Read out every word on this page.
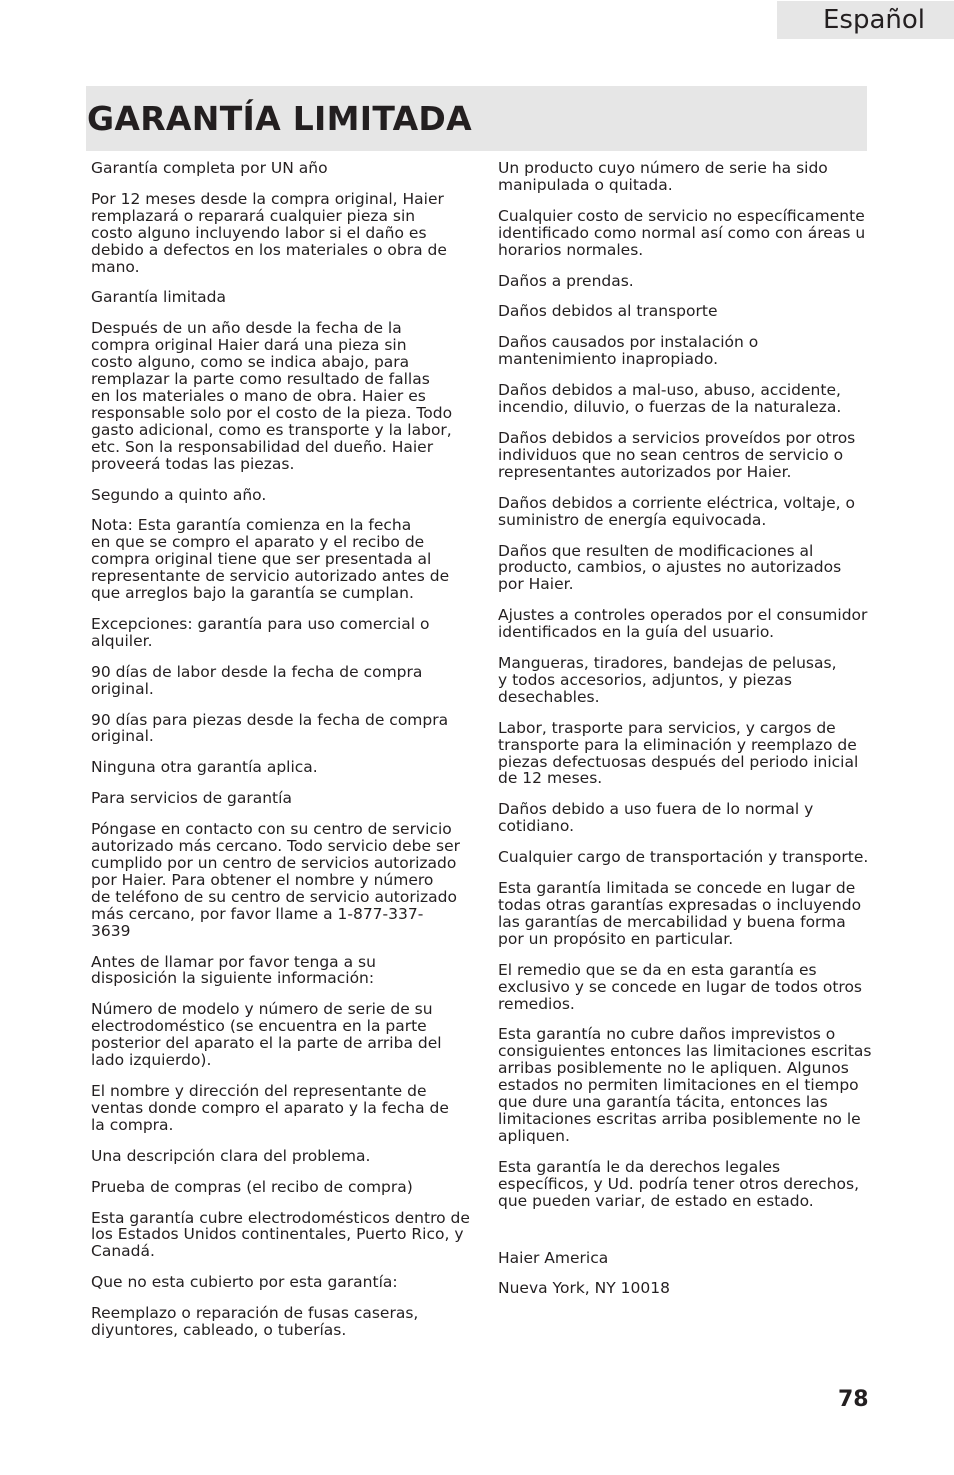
Español
GARANTÍA LIMITADA

Garantía completa por UN año

Por 12 meses desde la compra original, Haier
remplazará o reparará cualquier pieza sin
costo alguno incluyendo labor si el daño es
debido a defectos en los materiales o obra de
mano.

Garantía limitada

Después de un año desde la fecha de la
compra original Haier dará una pieza sin
costo alguno, como se indica abajo, para
remplazar la parte como resultado de fallas
en los materiales o mano de obra. Haier es
responsable solo por el costo de la pieza. Todo
gasto adicional, como es transporte y la labor,
etc. Son la responsabilidad del dueño. Haier
proveerá todas las piezas.

Segundo a quinto año.

Nota: Esta garantía comienza en la fecha
en que se compro el aparato y el recibo de
compra original tiene que ser presentada al
representante de servicio autorizado antes de
que arreglos bajo la garantía se cumplan.

Excepciones: garantía para uso comercial o
alquiler.

90 días de labor desde la fecha de compra
original.

90 días para piezas desde la fecha de compra
original.

Ninguna otra garantía aplica.

Para servicios de garantía

Póngase en contacto con su centro de servicio
autorizado más cercano. Todo servicio debe ser
cumplido por un centro de servicios autorizado
por Haier. Para obtener el nombre y número
de teléfono de su centro de servicio autorizado
más cercano, por favor llame a 1-877-337-
3639

Antes de llamar por favor tenga a su
disposición la siguiente información:

Número de modelo y número de serie de su
electrodoméstico (se encuentra en la parte
posterior del aparato el la parte de arriba del
lado izquierdo).

El nombre y dirección del representante de
ventas donde compro el aparato y la fecha de
la compra.

Una descripción clara del problema.

Prueba de compras (el recibo de compra)

Esta garantía cubre electrodomésticos dentro de
los Estados Unidos continentales, Puerto Rico, y
Canadá.

Que no esta cubierto por esta garantía:

Reemplazo o reparación de fusas caseras,
diyuntores, cableado, o tuberías.

Un producto cuyo número de serie ha sido
manipulada o quitada.

Cualquier costo de servicio no específicamente
identificado como normal así como con áreas u
horarios normales.

Daños a prendas.

Daños debidos al transporte

Daños causados por instalación o
mantenimiento inapropiado.

Daños debidos a mal-uso, abuso, accidente,
incendio, diluvio, o fuerzas de la naturaleza.

Daños debidos a servicios proveídos por otros
individuos que no sean centros de servicio o
representantes autorizados por Haier.

Daños debidos a corriente eléctrica, voltaje, o
suministro de energía equivocada.

Daños que resulten de modificaciones al
producto, cambios, o ajustes no autorizados
por Haier.

Ajustes a controles operados por el consumidor
identificados en la guía del usuario.

Mangueras, tiradores, bandejas de pelusas,
y todos accesorios, adjuntos, y piezas
desechables.

Labor, trasporte para servicios, y cargos de
transporte para la eliminación y reemplazo de
piezas defectuosas después del periodo inicial
de 12 meses.

Daños debido a uso fuera de lo normal y
cotidiano.

Cualquier cargo de transportación y transporte.

Esta garantía limitada se concede en lugar de
todas otras garantías expresadas o incluyendo
las garantías de mercabilidad y buena forma
por un propósito en particular.

El remedio que se da en esta garantía es
exclusivo y se concede en lugar de todos otros
remedios.

Esta garantía no cubre daños imprevistos o
consiguientes entonces las limitaciones escritas
arribas posiblemente no le apliquen. Algunos
estados no permiten limitaciones en el tiempo
que dure una garantía tácita, entonces las
limitaciones escritas arriba posiblemente no le
apliquen.

Esta garantía le da derechos legales
específicos, y Ud. podría tener otros derechos,
que pueden variar, de estado en estado.

Haier America

Nueva York, NY 10018

78
